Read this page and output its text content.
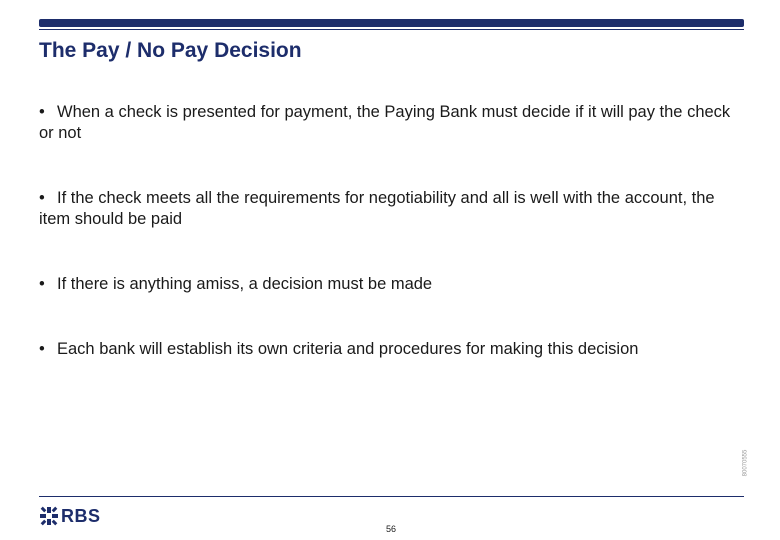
The Pay / No Pay Decision

• When a check is presented for payment, the Paying Bank must decide if it will pay the check or not

• If the check meets all the requirements for negotiability and all is well with the account, the item should be paid

• If there is anything amiss, a decision must be made

• Each bank will establish its own criteria and procedures for making this decision

80070555
RBS
56
